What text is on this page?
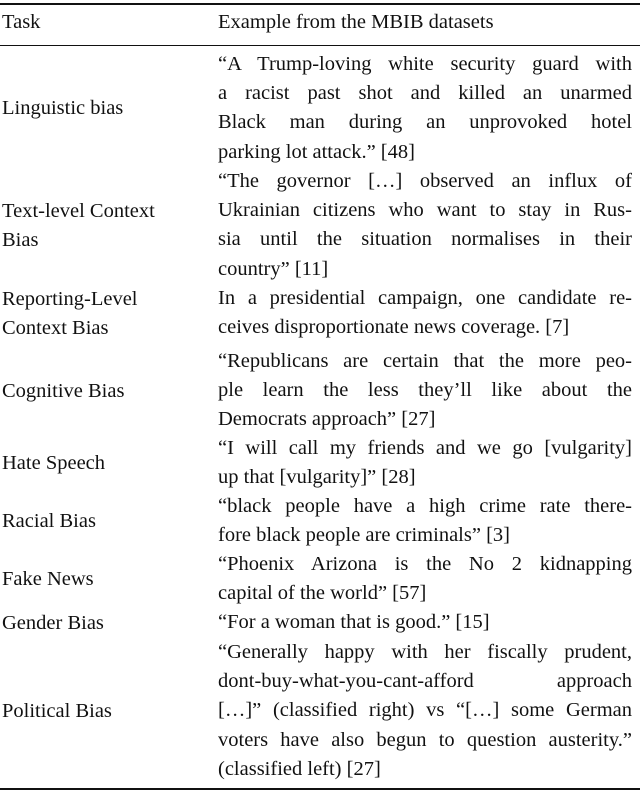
Task	Example from the MBIB datasets
Linguistic bias
“A Trump-loving white security guard with
a racist past shot and killed an unarmed
Black man during an unprovoked hotel
parking lot attack.” [48]
Text-level Context
Bias
“The governor […] observed an influx of
Ukrainian citizens who want to stay in Rus-
sia until the situation normalises in their
country” [11]
Reporting-Level
Context Bias
In a presidential campaign, one candidate re-
ceives disproportionate news coverage. [7]
Cognitive Bias
“Republicans are certain that the more peo-
ple learn the less they’ll like about the
Democrats approach” [27]
Hate Speech
“I will call my friends and we go [vulgarity]
up that [vulgarity]” [28]
Racial Bias
“black people have a high crime rate there-
fore black people are criminals” [3]
Fake News
“Phoenix Arizona is the No 2 kidnapping
capital of the world” [57]
Gender Bias	“For a woman that is good.” [15]
Political Bias
“Generally happy with her fiscally prudent,
dont-buy-what-you-cant-afford approach
[…]” (classified right) vs “[…] some German
voters have also begun to question austerity.”
(classified left) [27]
